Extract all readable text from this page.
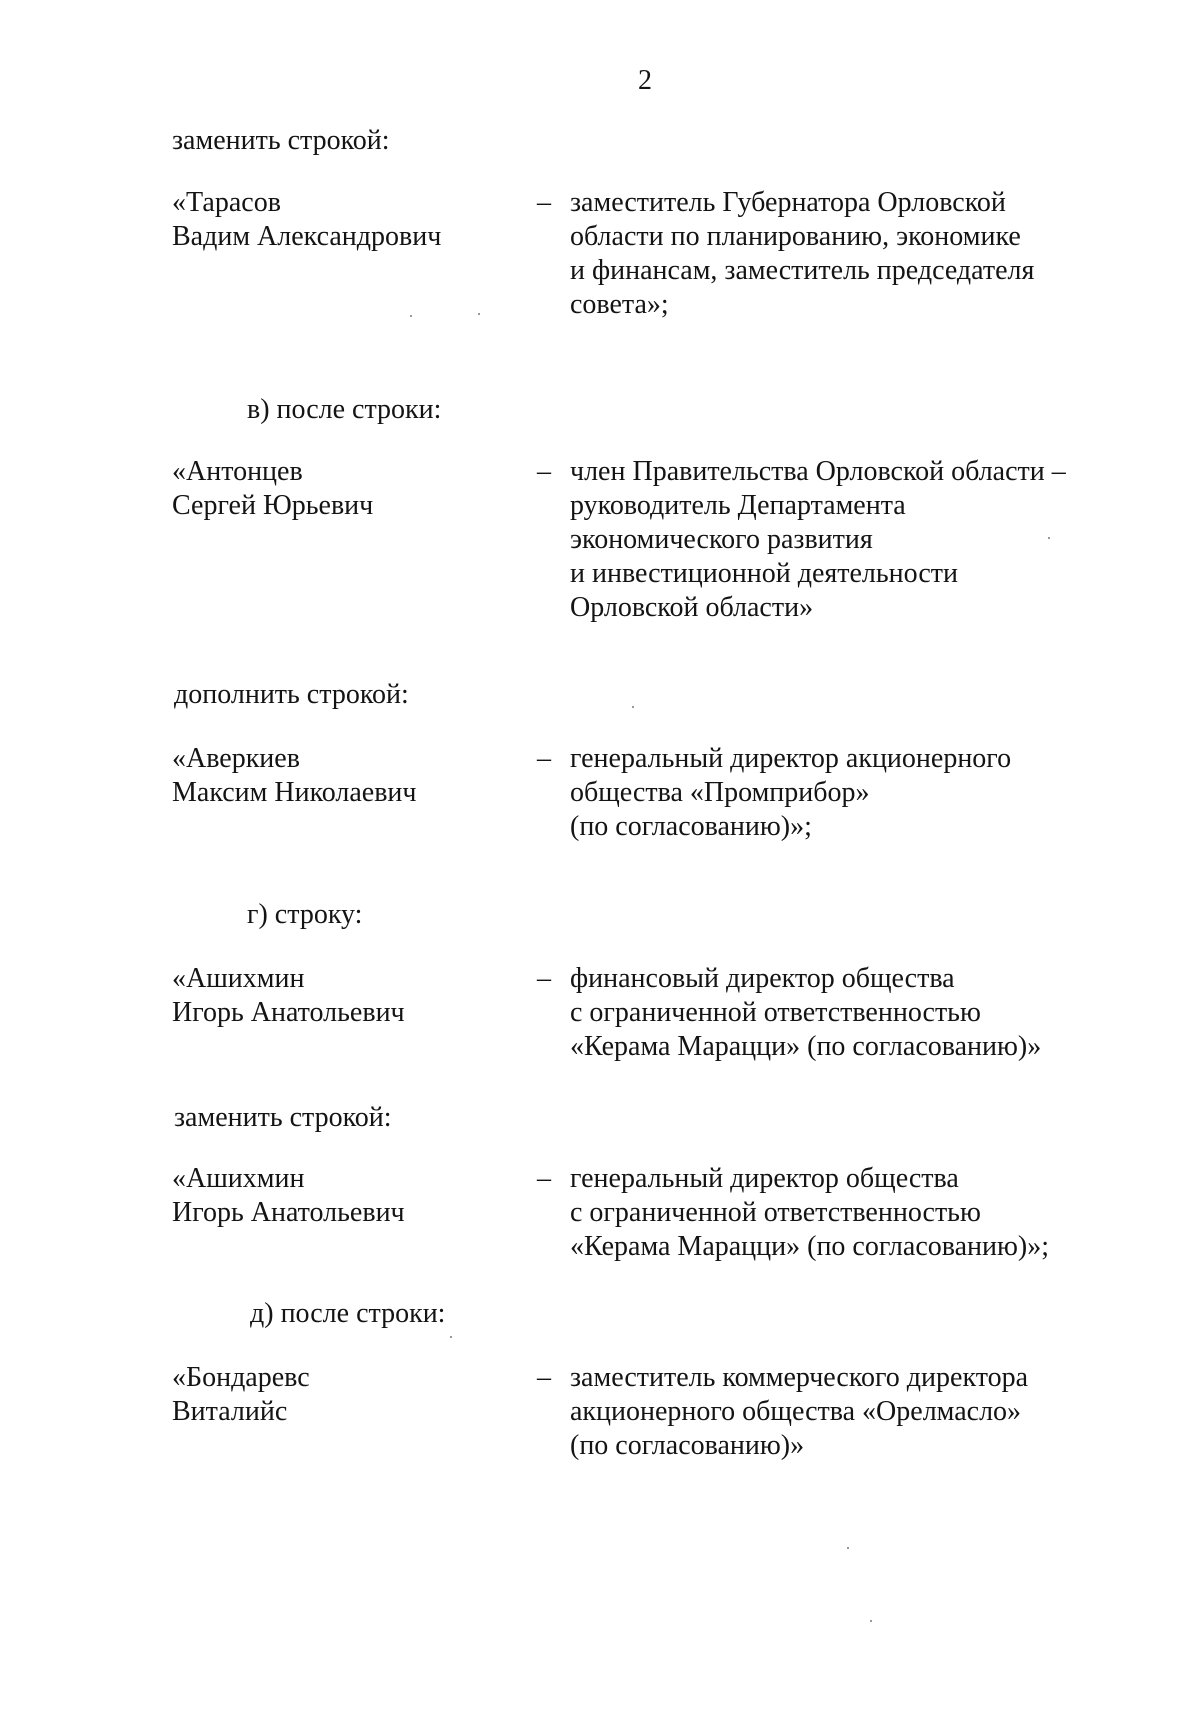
2
заменить строкой:
«Тарасов
Вадим Александрович
– заместитель Губернатора Орловской
области по планированию, экономике
и финансам, заместитель председателя
совета»;
в) после строки:
«Антонцев
Сергей Юрьевич
– член Правительства Орловской области –
руководитель Департамента
экономического развития
и инвестиционной деятельности
Орловской области»
дополнить строкой:
«Аверкиев
Максим Николаевич
– генеральный директор акционерного
общества «Промприбор»
(по согласованию)»;
г) строку:
«Ашихмин
Игорь Анатольевич
– финансовый директор общества
с ограниченной ответственностью
«Керама Марацци» (по согласованию)»
заменить строкой:
«Ашихмин
Игорь Анатольевич
– генеральный директор общества
с ограниченной ответственностью
«Керама Марацци» (по согласованию)»;
д) после строки:
«Бондаревс
Виталийс
– заместитель коммерческого директора
акционерного общества «Орелмасло»
(по согласованию)»
